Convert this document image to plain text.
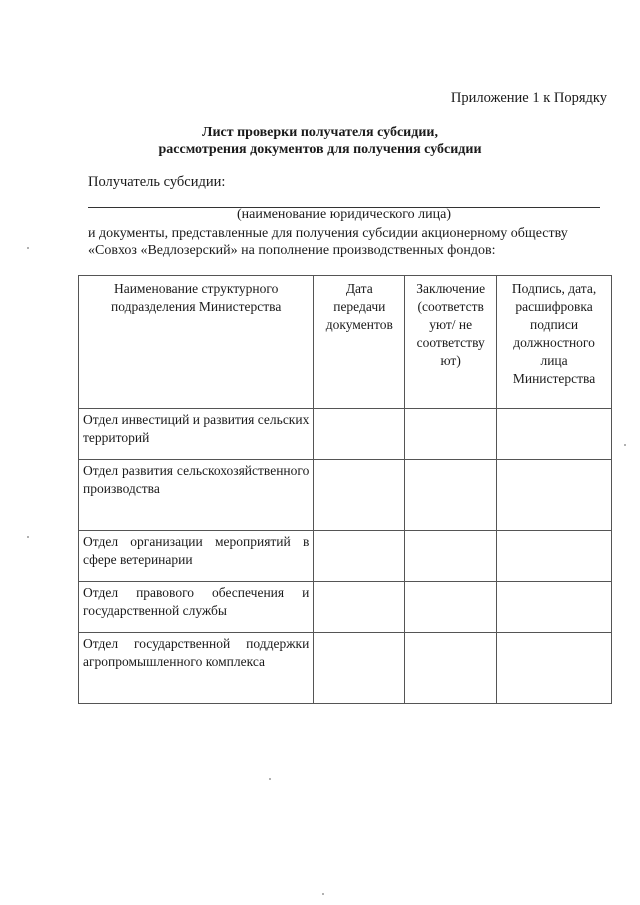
Приложение 1 к Порядку
Лист проверки получателя субсидии,
рассмотрения документов для получения субсидии
Получатель субсидии:
(наименование юридического лица)
и документы, представленные для получения субсидии акционерному обществу
«Совхоз «Ведлозерский» на пополнение производственных фондов:
Наименование структурного подразделения Министерства	Дата передачи документов	Заключение (соответств уют/ не соответству ют)	Подпись, дата, расшифровка подписи должностного лица Министерства
Отдел инвестиций и развития сельских территорий			
Отдел развития сельскохозяйственного производства			
Отдел организации мероприятий в сфере ветеринарии			
Отдел правового обеспечения и государственной службы			
Отдел государственной поддержки агропромышленного комплекса			
